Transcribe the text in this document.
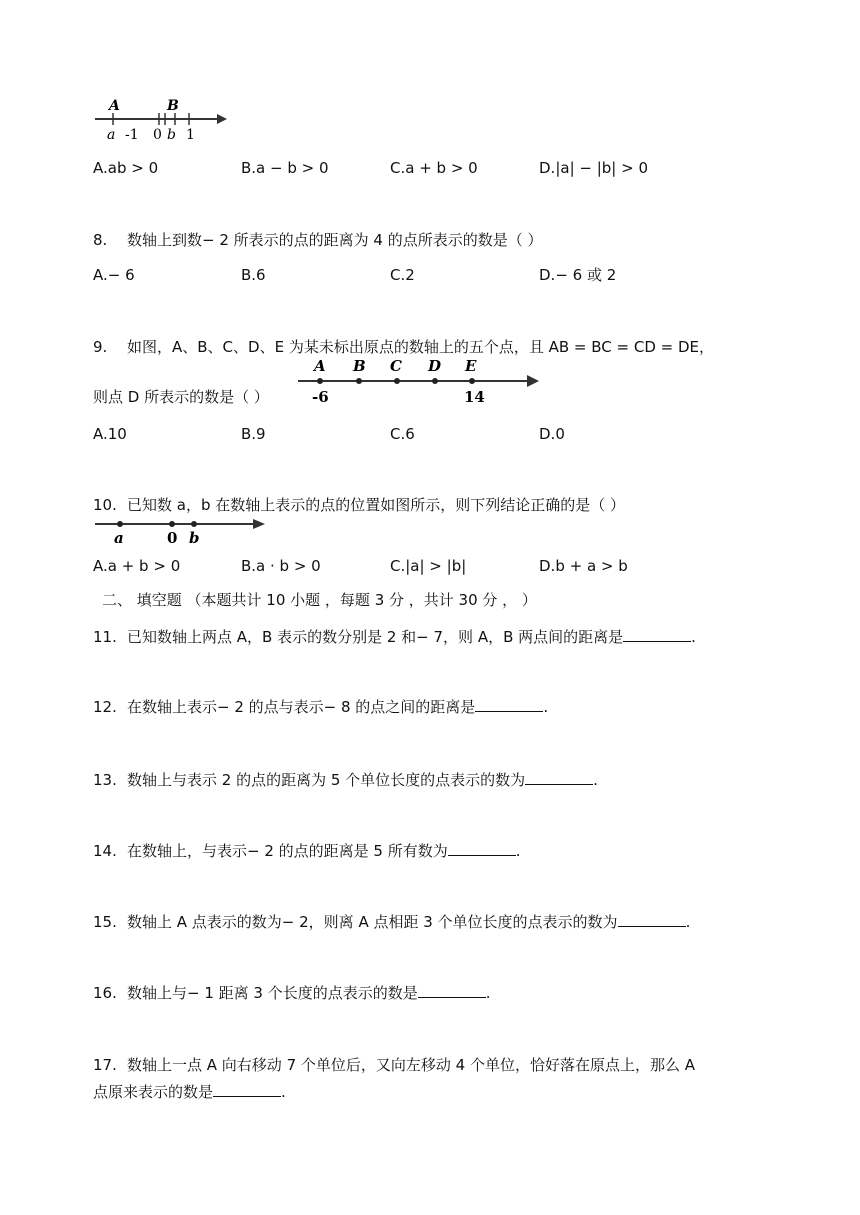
A	B
a -1 0 b 1
A.ab > 0	B.a − b > 0	C.a + b > 0	D.|a| − |b| > 0
8. 数轴上到数− 2 所表示的点的距离为 4 的点所表示的数是（ ）
A.− 6	B.6	C.2	D.− 6 或 2
9. 如图，A、B、C、D、E 为某未标出原点的数轴上的五个点，且 AB = BC = CD = DE，
则点 D 所表示的数是（ ）
A B C D E
-6	14
A.10	B.9	C.6	D.0
10. 已知数 a，b 在数轴上表示的点的位置如图所示，则下列结论正确的是（ ）
a	0 b
A.a + b > 0	B.a · b > 0	C.|a| > |b|	D.b + a > b
二、 填空题 （本题共计 10 小题 ，每题 3 分 ，共计 30 分 ， ）
11. 已知数轴上两点 A，B 表示的数分别是 2 和− 7，则 A，B 两点间的距离是	.
12. 在数轴上表示− 2 的点与表示− 8 的点之间的距离是	.
13. 数轴上与表示 2 的点的距离为 5 个单位长度的点表示的数为	.
14. 在数轴上，与表示− 2 的点的距离是 5 所有数为	.
15. 数轴上 A 点表示的数为− 2，则离 A 点相距 3 个单位长度的点表示的数为	.
16. 数轴上与− 1 距离 3 个长度的点表示的数是	.
17. 数轴上一点 A 向右移动 7 个单位后，又向左移动 4 个单位，恰好落在原点上，那么 A
点原来表示的数是	.
